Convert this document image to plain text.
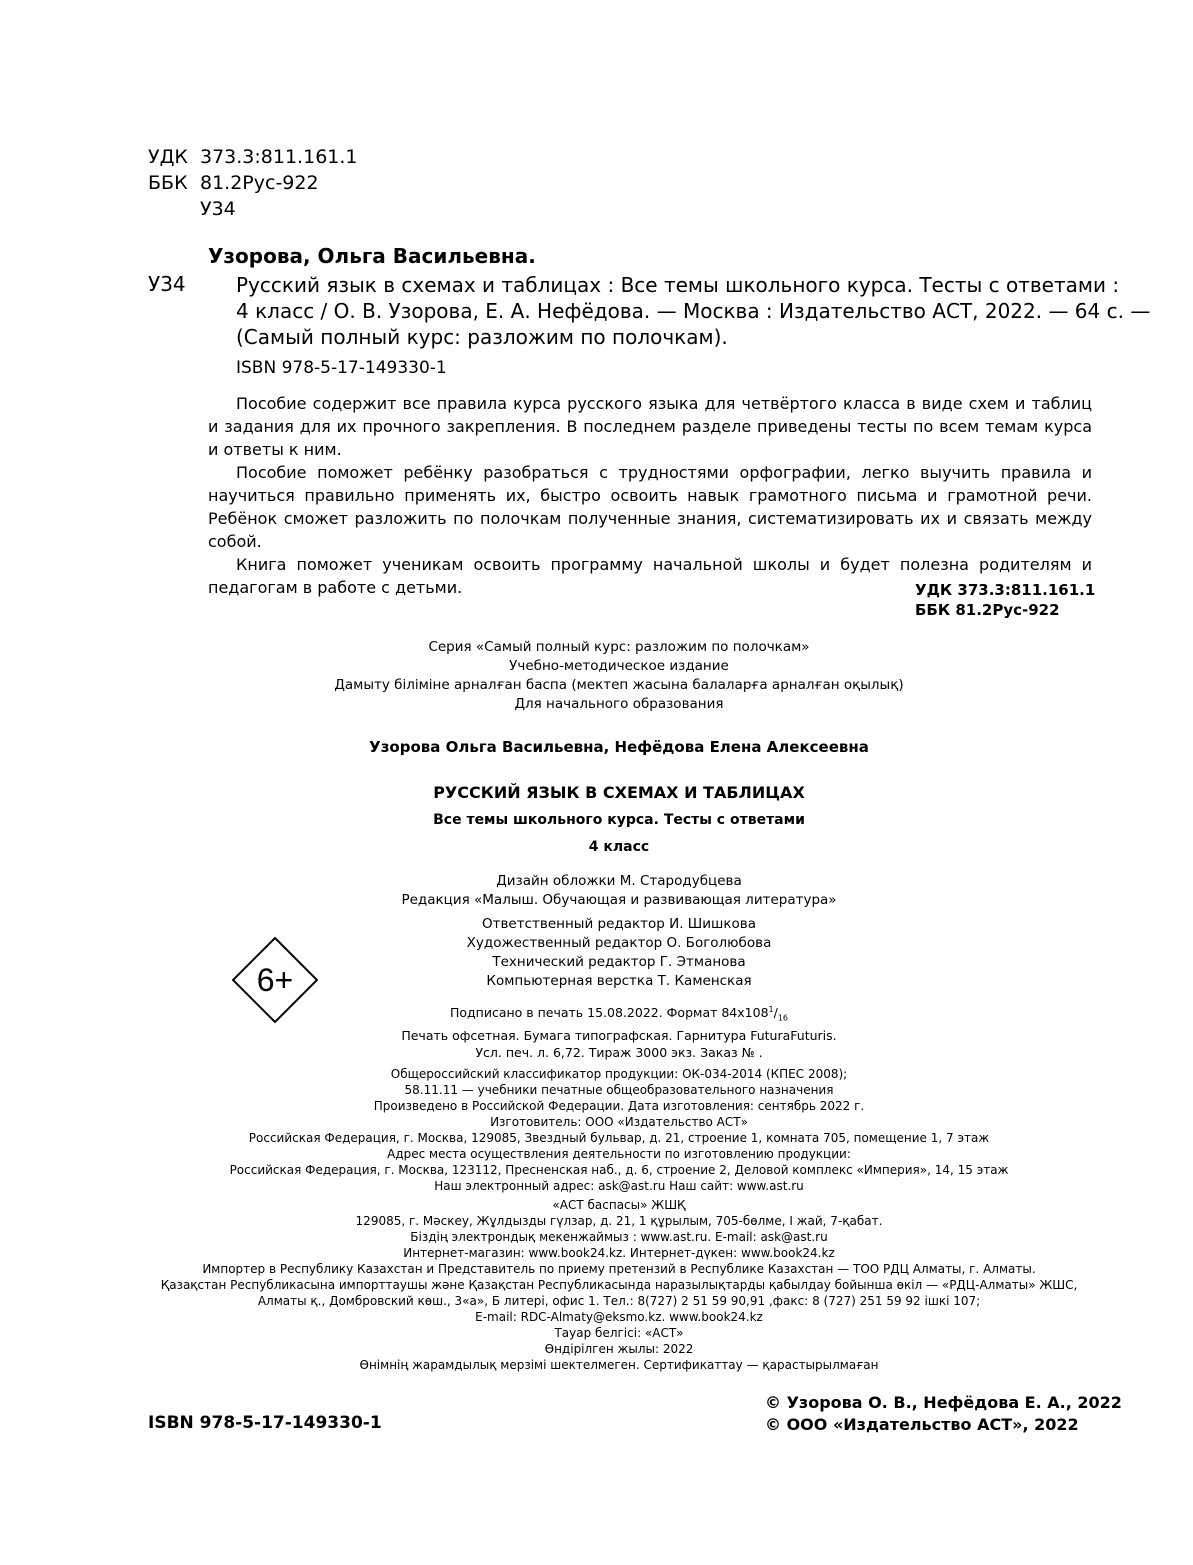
УДК 373.3:811.161.1
ББК 81.2Рус-922
У34
Узорова, Ольга Васильевна.
У34	Русский язык в схемах и таблицах : Все темы школьного курса. Тесты с ответами :
4 класс / О. В. Узорова, Е. А. Нефёдова. — Москва : Издательство АСТ, 2022. — 64 с. —
(Самый полный курс: разложим по полочкам).
ISBN 978-5-17-149330-1

Пособие содержит все правила курса русского языка для четвёртого класса в виде схем и таблиц и задания для их прочного закрепления. В последнем разделе приведены тесты по всем темам курса и ответы к ним.

Пособие поможет ребёнку разобраться с трудностями орфографии, легко выучить правила и научиться правильно применять их, быстро освоить навык грамотного письма и грамотной речи. Ребёнок сможет разложить по полочкам полученные знания, систематизировать их и связать между собой.

Книга поможет ученикам освоить программу начальной школы и будет полезна родителям и педагогам в работе с детьми.	УДК 373.3:811.161.1
ББК 81.2Рус-922
Серия «Самый полный курс: разложим по полочкам»
Учебно-методическое издание
Дамыту біліміне арналған баспа (мектеп жасына балаларға арналған оқылық)
Для начального образования
Узорова Ольга Васильевна, Нефёдова Елена Алексеевна
РУССКИЙ ЯЗЫК В СХЕМАХ И ТАБЛИЦАХ
Все темы школьного курса. Тесты с ответами
4 класс
Дизайн обложки М. Стародубцева
Редакция «Малыш. Обучающая и развивающая литература»
Ответственный редактор И. Шишкова
Художественный редактор О. Боголюбова
Технический редактор Г. Этманова
Компьютерная верстка Т. Каменская
6+
Подписано в печать 15.08.2022. Формат $84х108^1/_{16}$
Печать офсетная. Бумага типографская. Гарнитура FuturaFuturis.
Усл. печ. л. 6,72. Тираж 3000 экз. Заказ № .
Общероссийский классификатор продукции: ОК-034-2014 (КПЕС 2008);
58.11.11 — учебники печатные общеобразовательного назначения
Произведено в Российской Федерации. Дата изготовления: сентябрь 2022 г.
Изготовитель: ООО «Издательство АСТ»
Российская Федерация, г. Москва, 129085, Звездный бульвар, д. 21, строение 1, комната 705, помещение 1, 7 этаж
Адрес места осуществления деятельности по изготовлению продукции:
Российская Федерация, г. Москва, 123112, Пресненская наб., д. 6, строение 2, Деловой комплекс «Империя», 14, 15 этаж
Наш электронный адрес: ask@ast.ru Наш сайт: www.ast.ru
«АСТ баспасы» ЖШҚ
129085, г. Мәскеу, Жұлдызды гүлзар, д. 21, 1 құрылым, 705-бөлме, I жай, 7-қабат.
Біздің электрондық мекенжаймыз : www.ast.ru. E-mail: ask@ast.ru
Интернет-магазин: www.book24.kz. Интернет-дүкен: www.book24.kz
Импортер в Республику Казахстан и Представитель по приему претензий в Республике Казахстан — ТОО РДЦ Алматы, г. Алматы.
Қазақстан Республикасына импорттаушы және Қазақстан Республикасында наразылықтарды қабылдау бойынша өкіл — «РДЦ-Алматы» ЖШС,
Алматы қ., Домбровский көш., 3«а», Б литері, офис 1. Тел.: 8(727) 2 51 59 90,91 ,факс: 8 (727) 251 59 92 ішкі 107;
E-mail: RDC-Almaty@eksmo.kz. www.book24.kz
Тауар белгісі: «АСТ»
Өндірілген жылы: 2022
Өнімнің жарамдылық мерзімі шектелмеген. Сертификаттау — қарастырылмаған
© Узорова О. В., Нефёдова Е. А., 2022
© ООО «Издательство АСТ», 2022
ISBN 978-5-17-149330-1
